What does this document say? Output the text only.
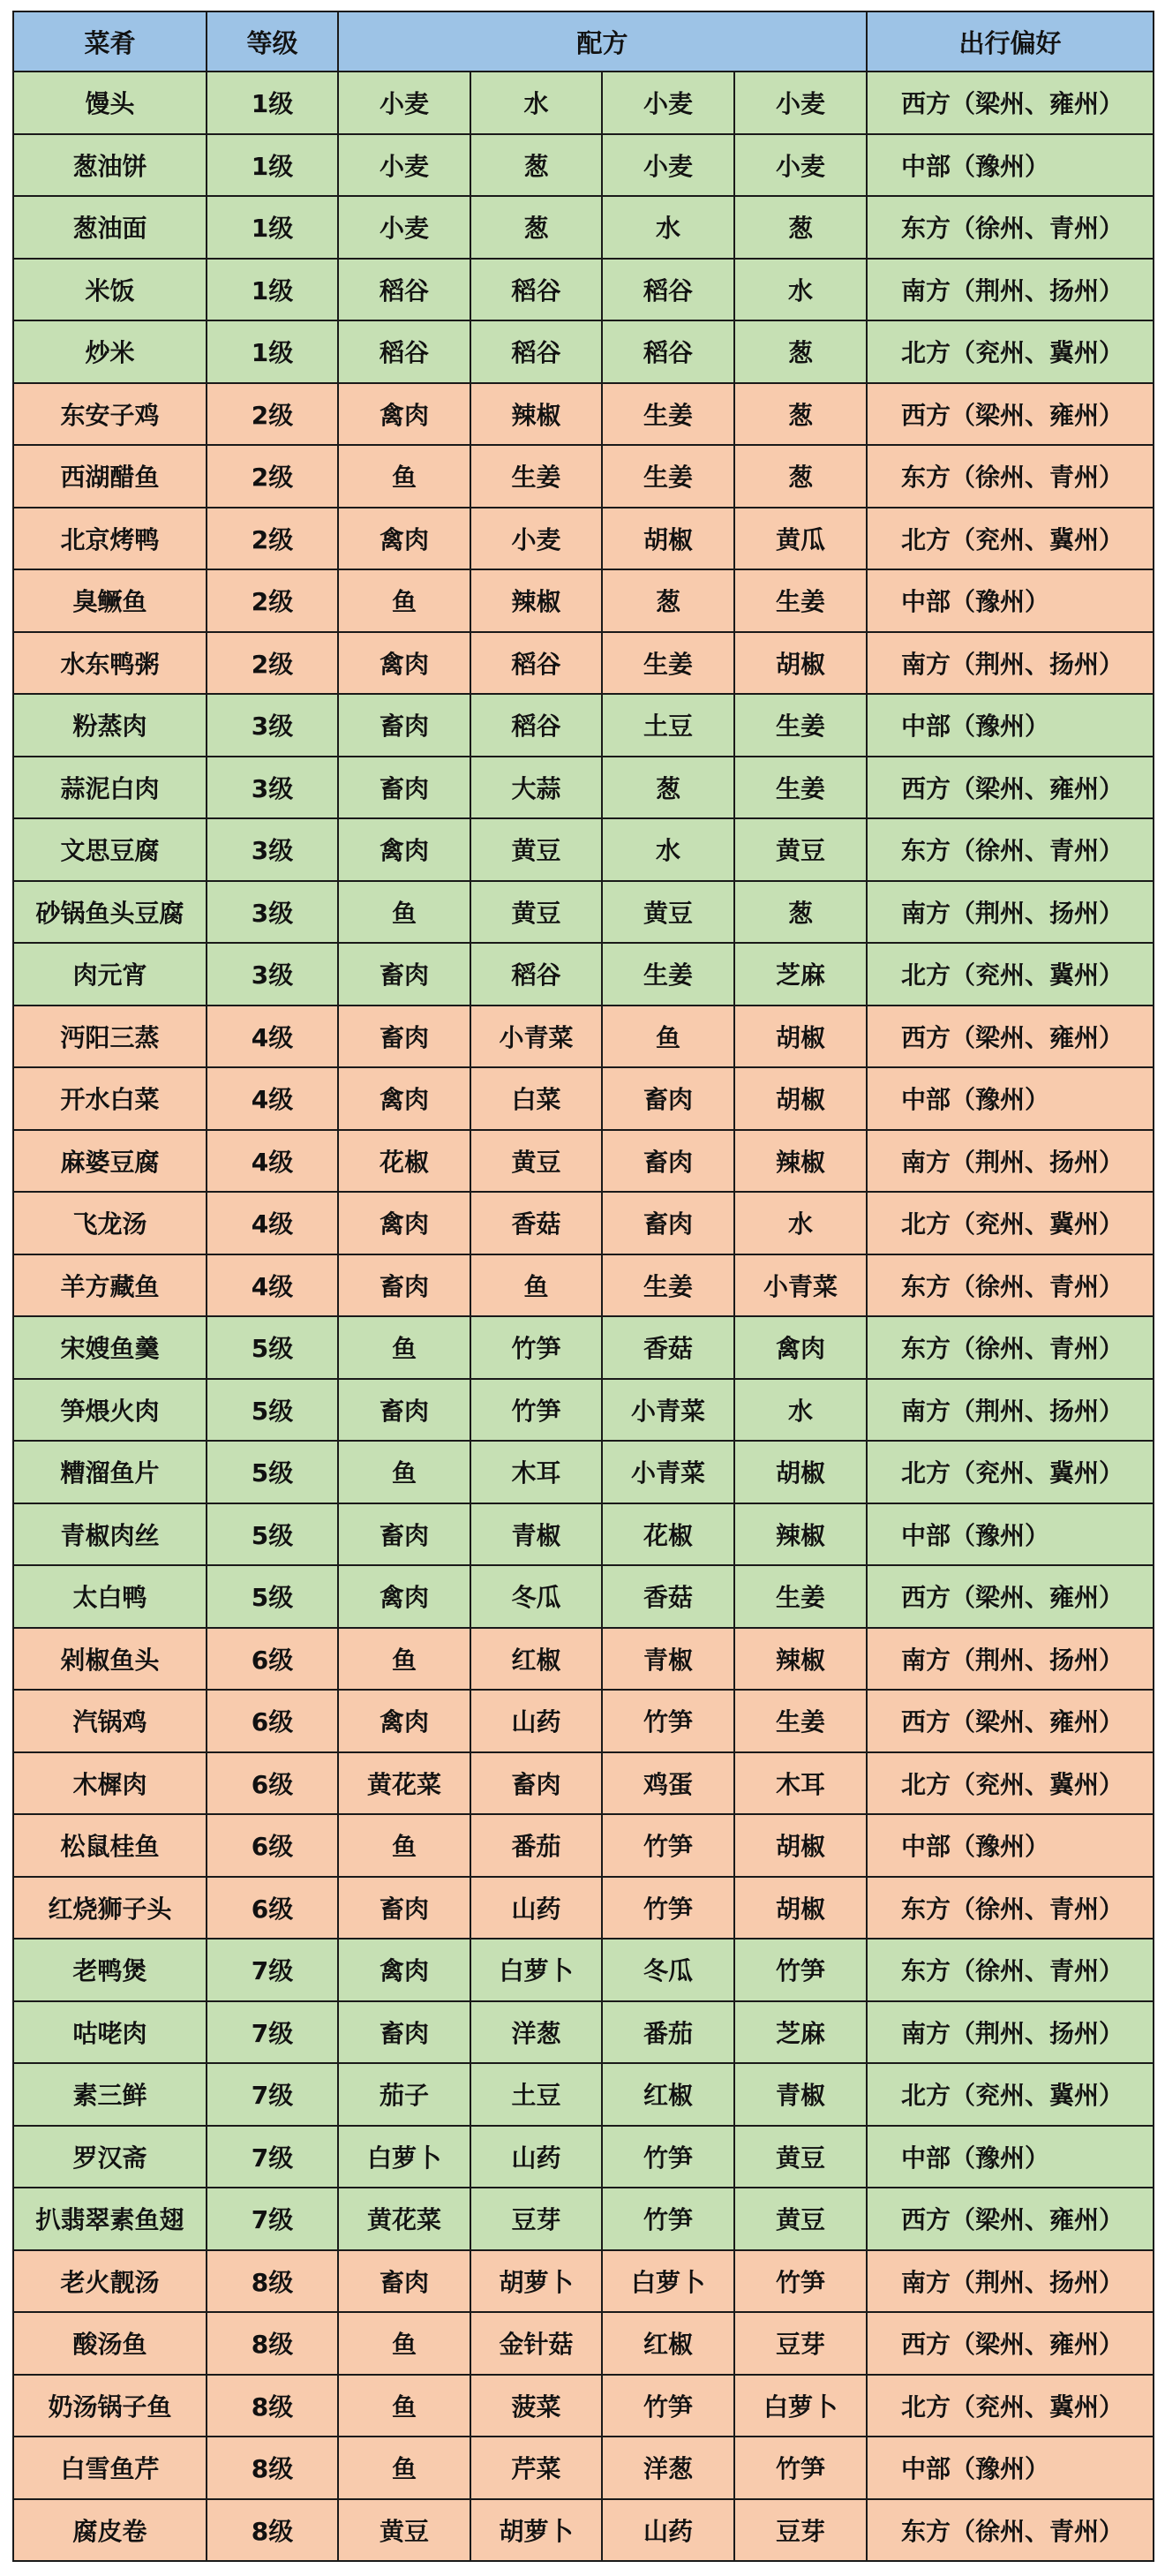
菜肴	等级	配方				出行偏好
馒头	1级	小麦	水	小麦	小麦	西方（梁州、雍州）
葱油饼	1级	小麦	葱	小麦	小麦	中部（豫州）
葱油面	1级	小麦	葱	水	葱	东方（徐州、青州）
米饭	1级	稻谷	稻谷	稻谷	水	南方（荆州、扬州）
炒米	1级	稻谷	稻谷	稻谷	葱	北方（兖州、冀州）
东安子鸡	2级	禽肉	辣椒	生姜	葱	西方（梁州、雍州）
西湖醋鱼	2级	鱼	生姜	生姜	葱	东方（徐州、青州）
北京烤鸭	2级	禽肉	小麦	胡椒	黄瓜	北方（兖州、冀州）
臭鳜鱼	2级	鱼	辣椒	葱	生姜	中部（豫州）
水东鸭粥	2级	禽肉	稻谷	生姜	胡椒	南方（荆州、扬州）
粉蒸肉	3级	畜肉	稻谷	土豆	生姜	中部（豫州）
蒜泥白肉	3级	畜肉	大蒜	葱	生姜	西方（梁州、雍州）
文思豆腐	3级	禽肉	黄豆	水	黄豆	东方（徐州、青州）
砂锅鱼头豆腐	3级	鱼	黄豆	黄豆	葱	南方（荆州、扬州）
肉元宵	3级	畜肉	稻谷	生姜	芝麻	北方（兖州、冀州）
沔阳三蒸	4级	畜肉	小青菜	鱼	胡椒	西方（梁州、雍州）
开水白菜	4级	禽肉	白菜	畜肉	胡椒	中部（豫州）
麻婆豆腐	4级	花椒	黄豆	畜肉	辣椒	南方（荆州、扬州）
飞龙汤	4级	禽肉	香菇	畜肉	水	北方（兖州、冀州）
羊方藏鱼	4级	畜肉	鱼	生姜	小青菜	东方（徐州、青州）
宋嫂鱼羹	5级	鱼	竹笋	香菇	禽肉	东方（徐州、青州）
笋煨火肉	5级	畜肉	竹笋	小青菜	水	南方（荆州、扬州）
糟溜鱼片	5级	鱼	木耳	小青菜	胡椒	北方（兖州、冀州）
青椒肉丝	5级	畜肉	青椒	花椒	辣椒	中部（豫州）
太白鸭	5级	禽肉	冬瓜	香菇	生姜	西方（梁州、雍州）
剁椒鱼头	6级	鱼	红椒	青椒	辣椒	南方（荆州、扬州）
汽锅鸡	6级	禽肉	山药	竹笋	生姜	西方（梁州、雍州）
木樨肉	6级	黄花菜	畜肉	鸡蛋	木耳	北方（兖州、冀州）
松鼠桂鱼	6级	鱼	番茄	竹笋	胡椒	中部（豫州）
红烧狮子头	6级	畜肉	山药	竹笋	胡椒	东方（徐州、青州）
老鸭煲	7级	禽肉	白萝卜	冬瓜	竹笋	东方（徐州、青州）
咕咾肉	7级	畜肉	洋葱	番茄	芝麻	南方（荆州、扬州）
素三鲜	7级	茄子	土豆	红椒	青椒	北方（兖州、冀州）
罗汉斋	7级	白萝卜	山药	竹笋	黄豆	中部（豫州）
扒翡翠素鱼翅	7级	黄花菜	豆芽	竹笋	黄豆	西方（梁州、雍州）
老火靓汤	8级	畜肉	胡萝卜	白萝卜	竹笋	南方（荆州、扬州）
酸汤鱼	8级	鱼	金针菇	红椒	豆芽	西方（梁州、雍州）
奶汤锅子鱼	8级	鱼	菠菜	竹笋	白萝卜	北方（兖州、冀州）
白雪鱼芹	8级	鱼	芹菜	洋葱	竹笋	中部（豫州）
腐皮卷	8级	黄豆	胡萝卜	山药	豆芽	东方（徐州、青州）
